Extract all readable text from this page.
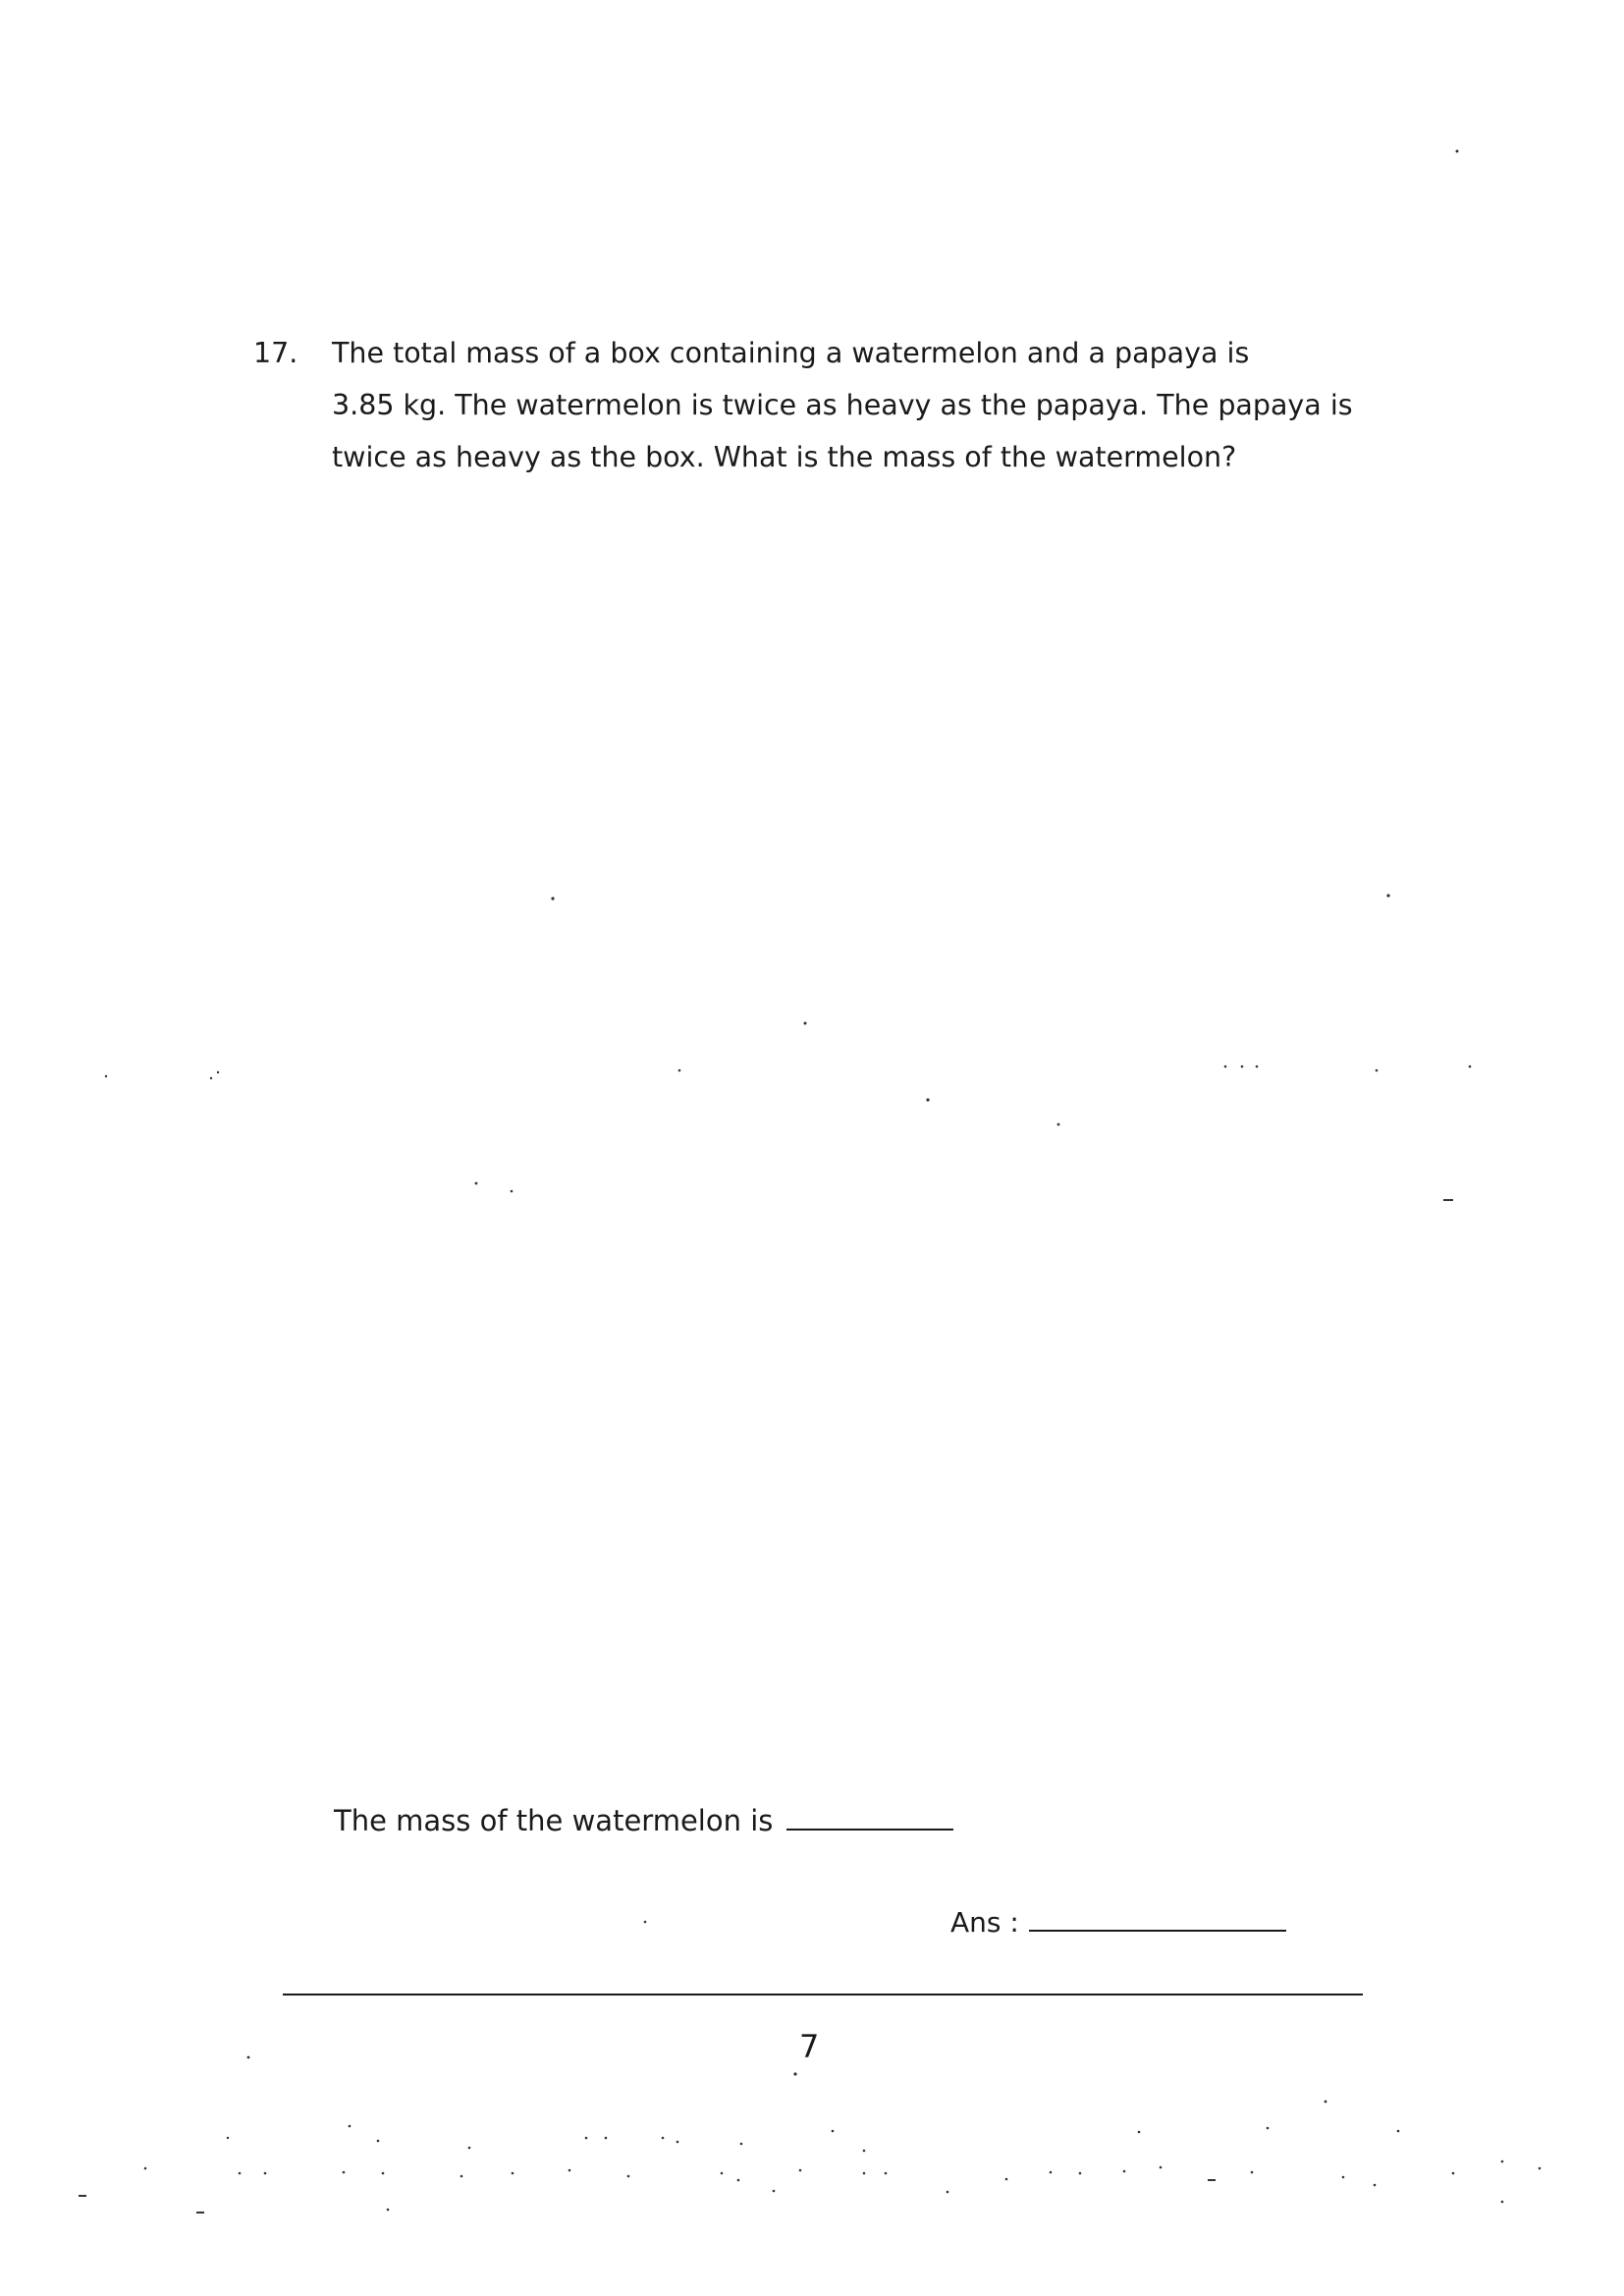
17. The total mass of a box containing a watermelon and a papaya is
3.85 kg. The watermelon is twice as heavy as the papaya. The papaya is
twice as heavy as the box. What is the mass of the watermelon?
The mass of the watermelon is
Ans :
7
